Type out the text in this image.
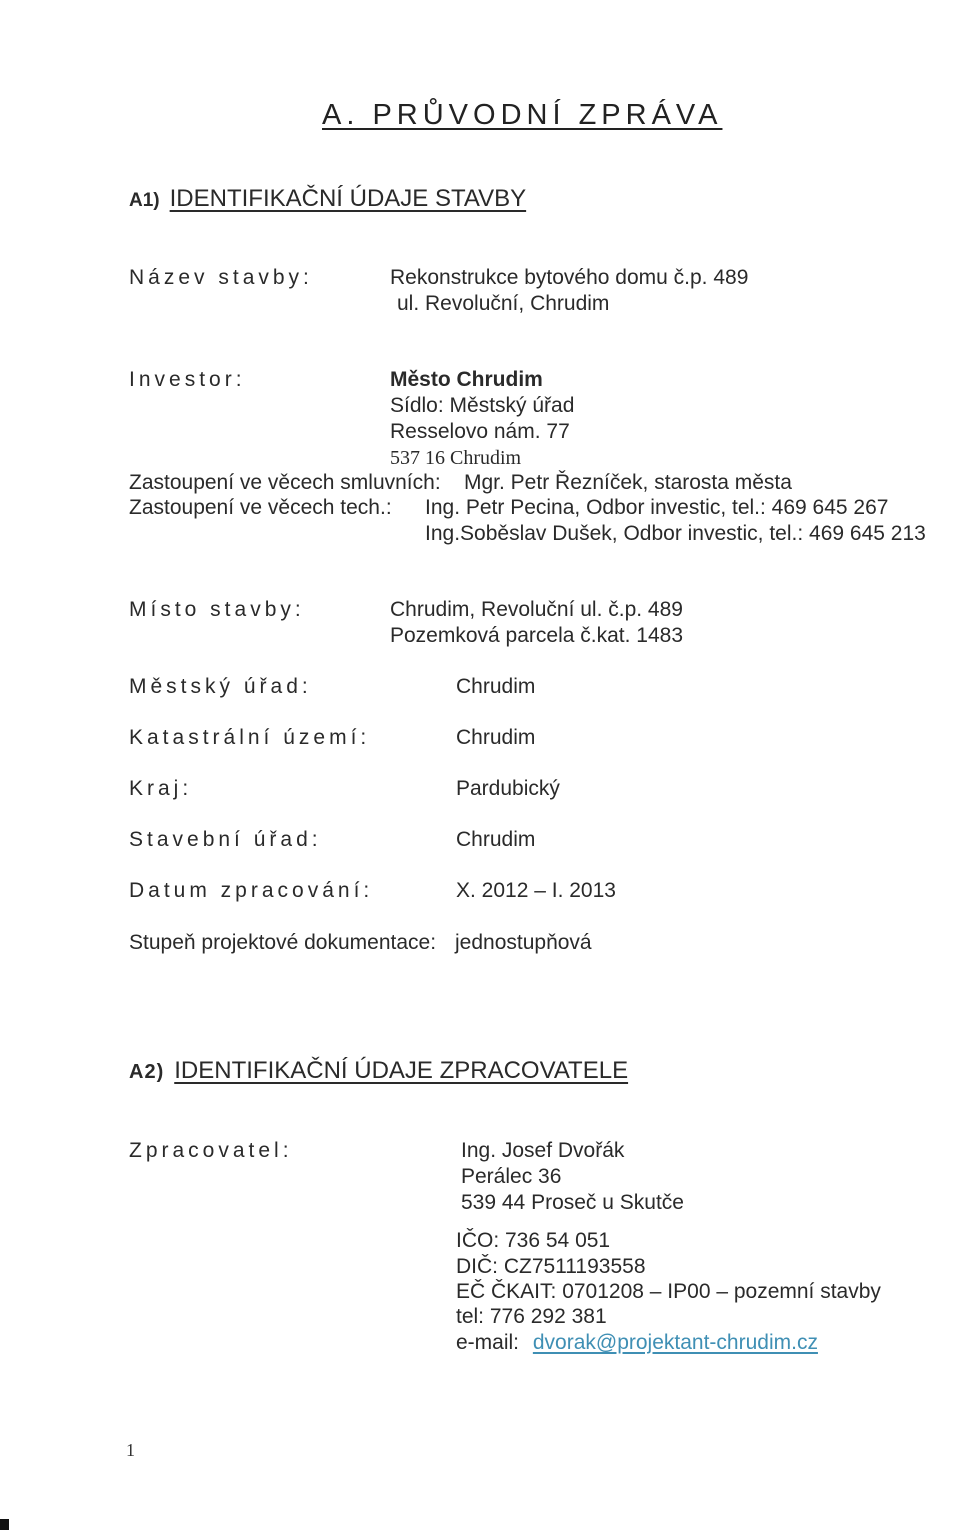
A. PRŮVODNÍ ZPRÁVA
A1) IDENTIFIKAČNÍ ÚDAJE STAVBY
Název stavby:	Rekonstrukce bytového domu č.p. 489
ul. Revoluční, Chrudim
Investor:	Město Chrudim
Sídlo: Městský úřad
Resselovo nám. 77
537 16 Chrudim
Zastoupení ve věcech smluvních: Mgr. Petr Řezníček, starosta města
Zastoupení ve věcech tech.: Ing. Petr Pecina, Odbor investic, tel.: 469 645 267
Ing.Soběslav Dušek, Odbor investic, tel.: 469 645 213
Místo stavby:	Chrudim, Revoluční ul. č.p. 489
Pozemková parcela č.kat. 1483
Městský úřad:	Chrudim
Katastrální území:	Chrudim
Kraj:	Pardubický
Stavební úřad:	Chrudim
Datum zpracování:	X. 2012 – I. 2013
Stupeň projektové dokumentace: jednostupňová
A2) IDENTIFIKAČNÍ ÚDAJE ZPRACOVATELE
Zpracovatel:	Ing. Josef Dvořák
Perálec 36
539 44 Proseč u Skutče
IČO: 736 54 051
DIČ: CZ7511193558
EČ ČKAIT: 0701208 – IP00 – pozemní stavby
tel: 776 292 381
e-mail: dvorak@projektant-chrudim.cz
1
